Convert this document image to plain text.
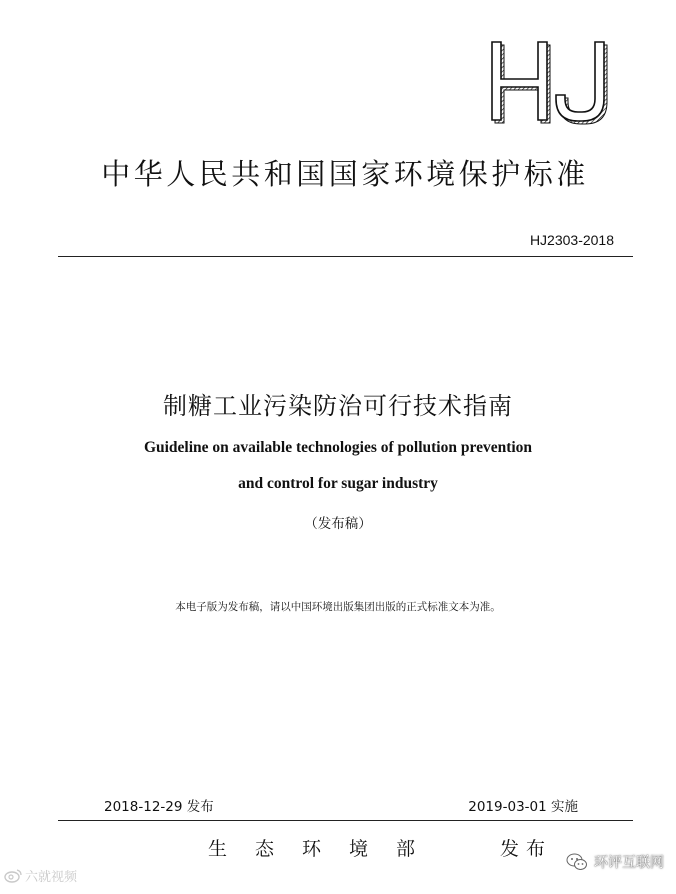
中华人民共和国国家环境保护标准
HJ2303-2018
制糖工业污染防治可行技术指南
Guideline on available technologies of pollution prevention
and control for sugar industry
（发布稿）
本电子版为发布稿，请以中国环境出版集团出版的正式标准文本为准。
2018-12-29 发布	2019-03-01 实施
生态环境部	发布
六就视频
环评互联网
